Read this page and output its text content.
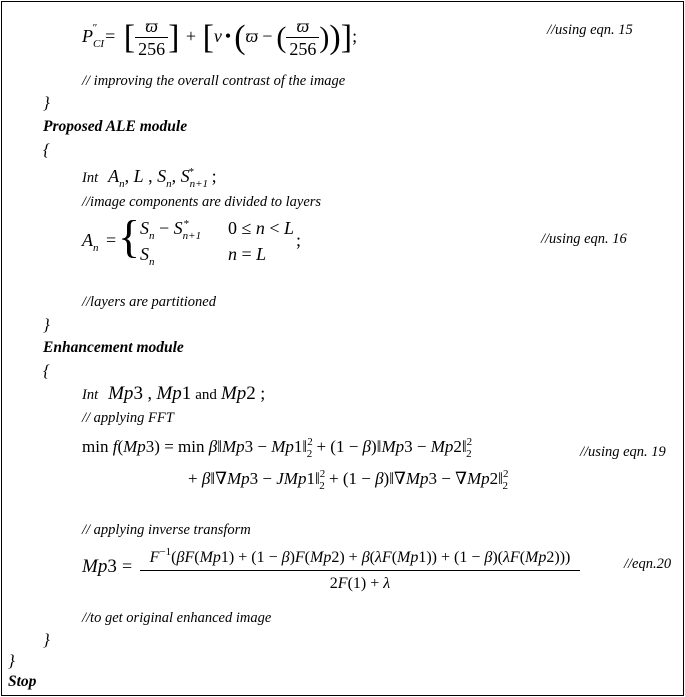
$P_{CI}''$ = [ $\frac{ϖ}{256}$ ] + [ν •(ϖ − ( $\frac{ϖ}{256}$ ))];	//using eqn. 15
// improving the overall contrast of the image
}
Proposed ALE module
{
Int $A_n$, L , $S_n$, $S_{n+1}^*$ ;
//image components are divided to layers
$A_n$ = { $S_n - S_{n+1}^*$ 0 ≤ n < L
;
$S_n$	n = L
//using eqn. 16
//layers are partitioned
}
Enhancement module
{
Int Mp3 , Mp1 and Mp2 ;
// applying FFT
min f(Mp3) = min β‖Mp3 − Mp1‖$^2_2$ + (1 − β)‖Mp3 − Mp2‖$^2_2$
+ β‖∇Mp3 − JMp1‖$^2_2$ + (1 − β)‖∇Mp3 − ∇Mp2‖$^2_2$
//using eqn. 19
// applying inverse transform
Mp3 =	$F^{-1}(\beta F(Mp1) + (1 - \beta)F(Mp2) + \beta(\lambda F(Mp1)) + (1 - \beta)(\lambda F(Mp2)))$
2F(1) + λ
//eqn.20
//to get original enhanced image
}
}
Stop
